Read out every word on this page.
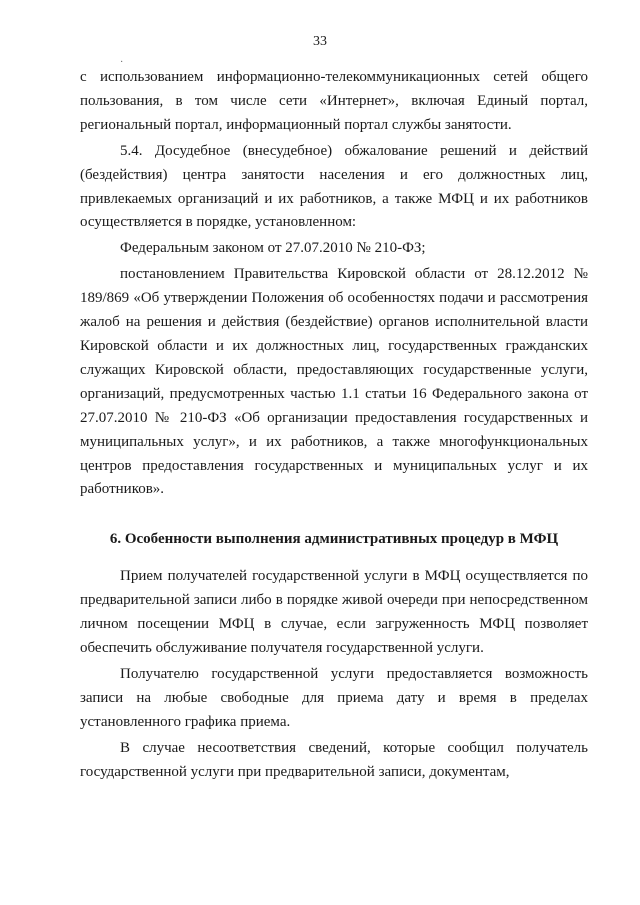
33
·

с использованием информационно-телекоммуникационных сетей общего пользования, в том числе сети «Интернет», включая Единый портал, региональный портал, информационный портал службы занятости.

5.4. Досудебное (внесудебное) обжалование решений и действий (бездействия) центра занятости населения и его должностных лиц, привлекаемых организаций и их работников, а также МФЦ и их работников осуществляется в порядке, установленном:

Федеральным законом от 27.07.2010 № 210-ФЗ;

постановлением Правительства Кировской области от 28.12.2012 № 189/869 «Об утверждении Положения об особенностях подачи и рассмотрения жалоб на решения и действия (бездействие) органов исполнительной власти Кировской области и их должностных лиц, государственных гражданских служащих Кировской области, предоставляющих государственные услуги, организаций, предусмотренных частью 1.1 статьи 16 Федерального закона от 27.07.2010 № 210-ФЗ «Об организации предоставления государственных и муниципальных услуг», и их работников, а также многофункциональных центров предоставления государственных и муниципальных услуг и их работников».

6. Особенности выполнения административных процедур в МФЦ

Прием получателей государственной услуги в МФЦ осуществляется по предварительной записи либо в порядке живой очереди при непосредственном личном посещении МФЦ в случае, если загруженность МФЦ позволяет обеспечить обслуживание получателя государственной услуги.

Получателю государственной услуги предоставляется возможность записи на любые свободные для приема дату и время в пределах установленного графика приема.

В случае несоответствия сведений, которые сообщил получатель государственной услуги при предварительной записи, документам,
